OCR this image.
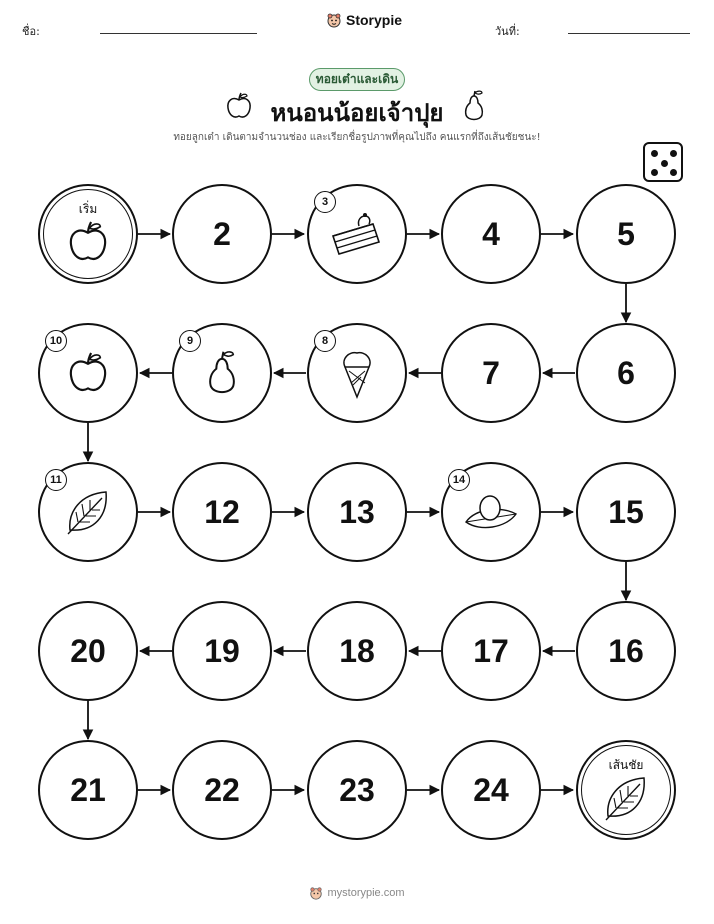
ชื่อ:
Storypie
วันที่:
ทอยเต๋าและเดิน
หนอนน้อยเจ้าปุย
ทอยลูกเต๋า เดินตามจำนวนช่อง และเรียกชื่อรูปภาพที่คุณไปถึง คนแรกที่ถึงเส้นชัยชนะ!
เริ่ม
2
3
4	5
6
7
8
9
10
11
12	13
14
15
16
17
18
19
20
21	22	23	24
เส้นชัย
mystorypie.com
